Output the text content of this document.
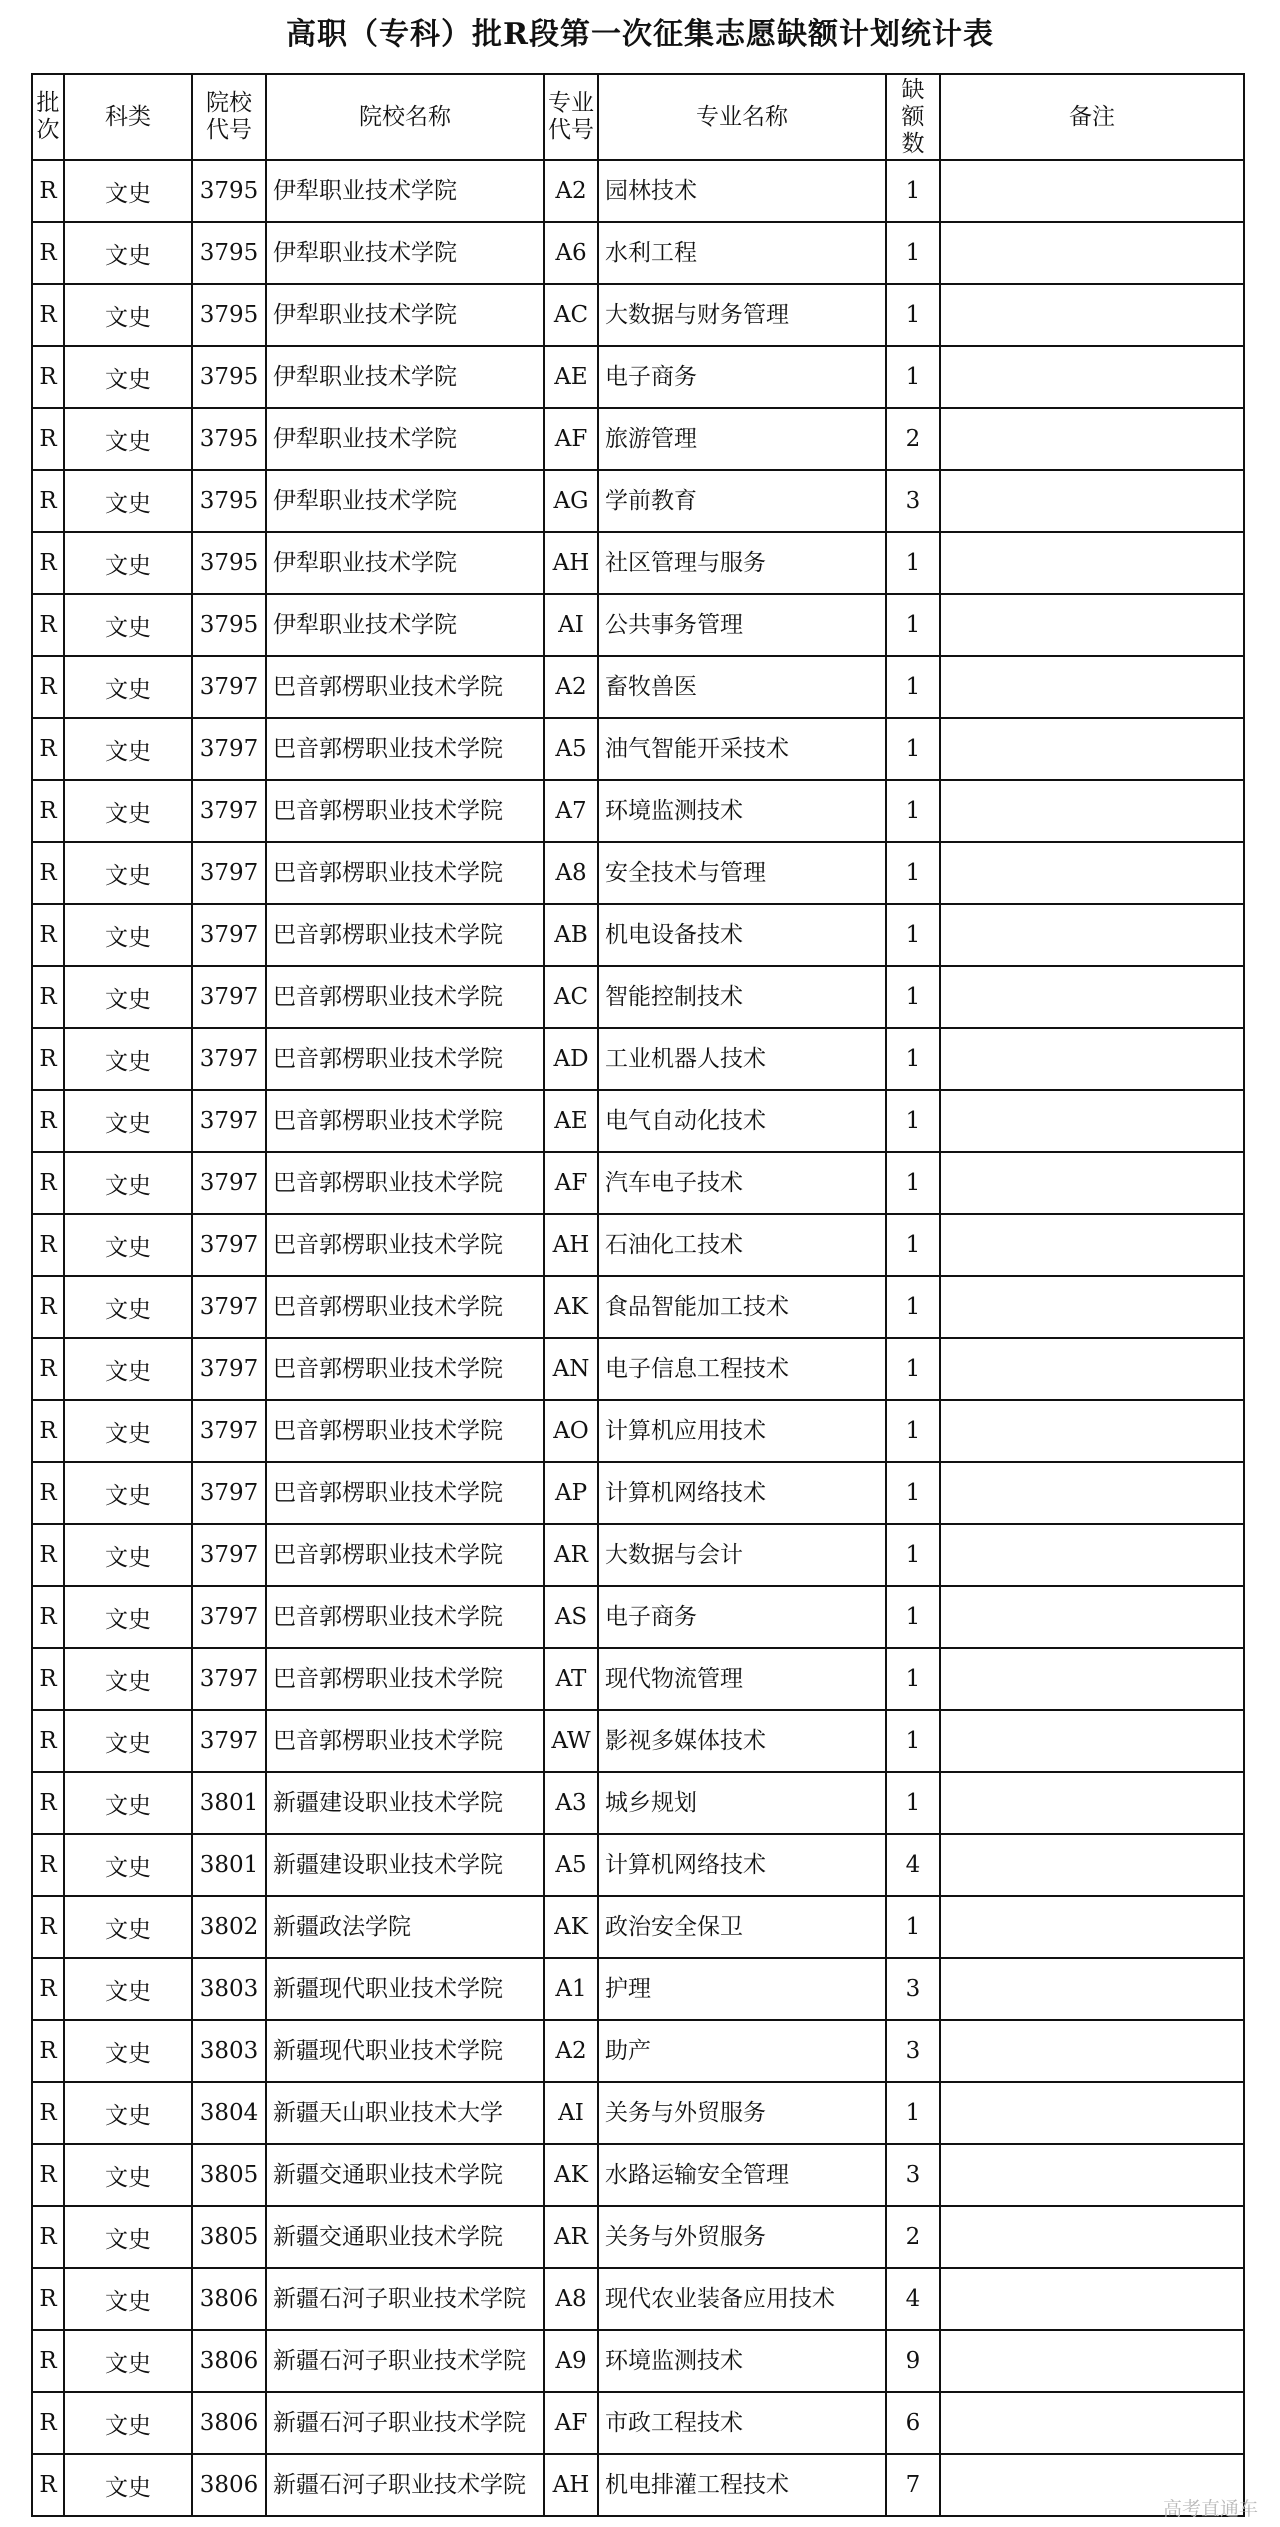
高职（专科）批R段第一次征集志愿缺额计划统计表
批次	科类	院校代号	院校名称	专业代号	专业名称	缺额数	备注
R	文史	3795	伊犁职业技术学院	A2	园林技术	1	
R	文史	3795	伊犁职业技术学院	A6	水利工程	1	
R	文史	3795	伊犁职业技术学院	AC	大数据与财务管理	1	
R	文史	3795	伊犁职业技术学院	AE	电子商务	1	
R	文史	3795	伊犁职业技术学院	AF	旅游管理	2	
R	文史	3795	伊犁职业技术学院	AG	学前教育	3	
R	文史	3795	伊犁职业技术学院	AH	社区管理与服务	1	
R	文史	3795	伊犁职业技术学院	AI	公共事务管理	1	
R	文史	3797	巴音郭楞职业技术学院	A2	畜牧兽医	1	
R	文史	3797	巴音郭楞职业技术学院	A5	油气智能开采技术	1	
R	文史	3797	巴音郭楞职业技术学院	A7	环境监测技术	1	
R	文史	3797	巴音郭楞职业技术学院	A8	安全技术与管理	1	
R	文史	3797	巴音郭楞职业技术学院	AB	机电设备技术	1	
R	文史	3797	巴音郭楞职业技术学院	AC	智能控制技术	1	
R	文史	3797	巴音郭楞职业技术学院	AD	工业机器人技术	1	
R	文史	3797	巴音郭楞职业技术学院	AE	电气自动化技术	1	
R	文史	3797	巴音郭楞职业技术学院	AF	汽车电子技术	1	
R	文史	3797	巴音郭楞职业技术学院	AH	石油化工技术	1	
R	文史	3797	巴音郭楞职业技术学院	AK	食品智能加工技术	1	
R	文史	3797	巴音郭楞职业技术学院	AN	电子信息工程技术	1	
R	文史	3797	巴音郭楞职业技术学院	AO	计算机应用技术	1	
R	文史	3797	巴音郭楞职业技术学院	AP	计算机网络技术	1	
R	文史	3797	巴音郭楞职业技术学院	AR	大数据与会计	1	
R	文史	3797	巴音郭楞职业技术学院	AS	电子商务	1	
R	文史	3797	巴音郭楞职业技术学院	AT	现代物流管理	1	
R	文史	3797	巴音郭楞职业技术学院	AW	影视多媒体技术	1	
R	文史	3801	新疆建设职业技术学院	A3	城乡规划	1	
R	文史	3801	新疆建设职业技术学院	A5	计算机网络技术	4	
R	文史	3802	新疆政法学院	AK	政治安全保卫	1	
R	文史	3803	新疆现代职业技术学院	A1	护理	3	
R	文史	3803	新疆现代职业技术学院	A2	助产	3	
R	文史	3804	新疆天山职业技术大学	AI	关务与外贸服务	1	
R	文史	3805	新疆交通职业技术学院	AK	水路运输安全管理	3	
R	文史	3805	新疆交通职业技术学院	AR	关务与外贸服务	2	
R	文史	3806	新疆石河子职业技术学院	A8	现代农业装备应用技术	4	
R	文史	3806	新疆石河子职业技术学院	A9	环境监测技术	9	
R	文史	3806	新疆石河子职业技术学院	AF	市政工程技术	6	
R	文史	3806	新疆石河子职业技术学院	AH	机电排灌工程技术	7	
高考直通车
